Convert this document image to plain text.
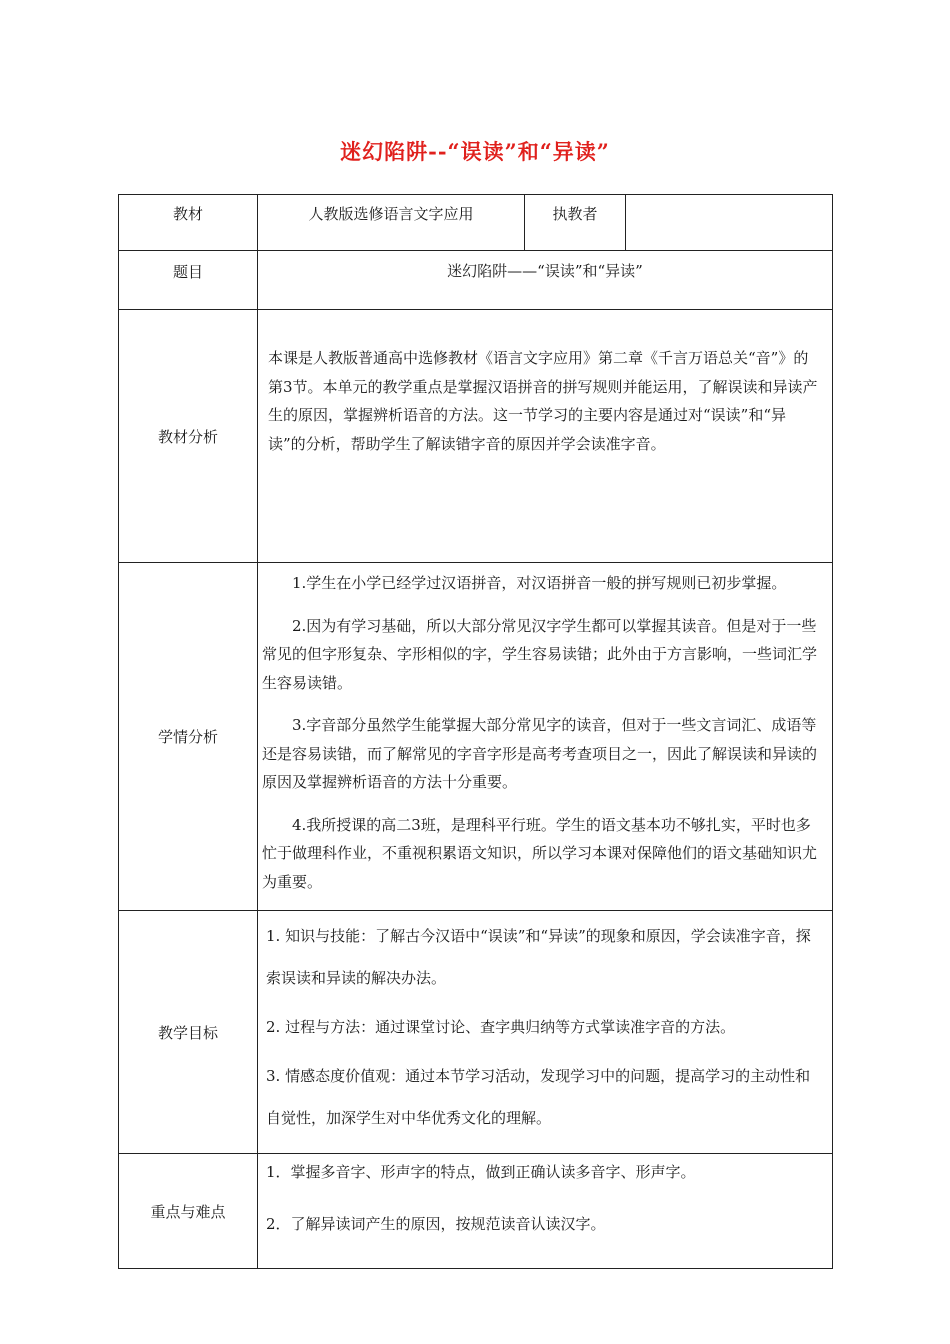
迷幻陷阱--“误读”和“异读”
教材	人教版选修语言文字应用	执教者	
题目	迷幻陷阱——“误读”和“异读”		
教材分析	本课是人教版普通高中选修教材《语言文字应用》第二章《千言万语总关“音”》的第3节。本单元的教学重点是掌握汉语拼音的拼写规则并能运用，了解误读和异读产生的原因，掌握辨析语音的方法。这一节学习的主要内容是通过对“误读”和“异读”的分析，帮助学生了解读错字音的原因并学会读准字音。		

学情分析	1.学生在小学已经学过汉语拼音，对汉语拼音一般的拼写规则已初步掌握。

2.因为有学习基础，所以大部分常见汉字学生都可以掌握其读音。但是对于一些常见的但字形复杂、字形相似的字，学生容易读错；此外由于方言影响，一些词汇学生容易读错。

3.字音部分虽然学生能掌握大部分常见字的读音，但对于一些文言词汇、成语等还是容易读错，而了解常见的字音字形是高考考查项目之一，因此了解误读和异读的原因及掌握辨析语音的方法十分重要。

4.我所授课的高二3班，是理科平行班。学生的语文基本功不够扎实，平时也多忙于做理科作业，不重视积累语文知识，所以学习本课对保障他们的语文基础知识尤为重要。		

教学目标	1. 知识与技能：了解古今汉语中“误读”和“异读”的现象和原因，学会读准字音，探索误读和异读的解决办法。

2. 过程与方法：通过课堂讨论、查字典归纳等方式掌读准字音的方法。

3. 情感态度价值观：通过本节学习活动，发现学习中的问题，提高学习的主动性和自觉性，加深学生对中华优秀文化的理解。		

重点与难点	1．掌握多音字、形声字的特点，做到正确认读多音字、形声字。

2．了解异读词产生的原因，按规范读音认读汉字。		
